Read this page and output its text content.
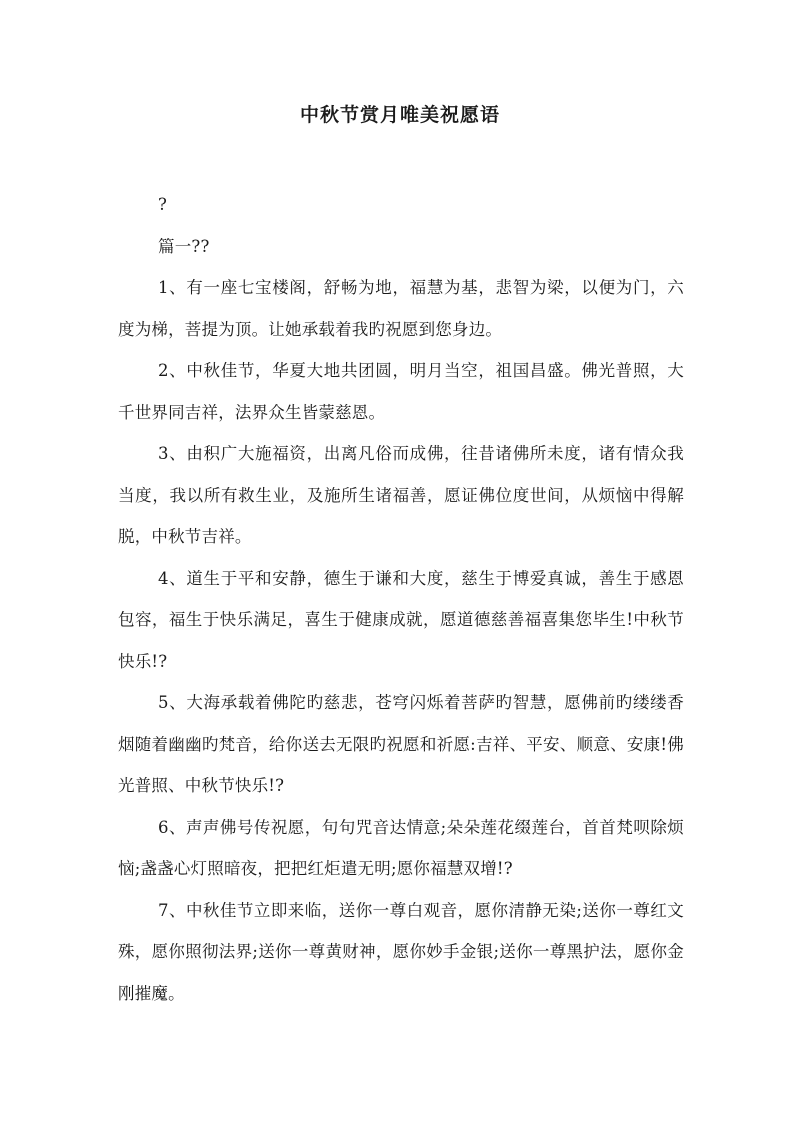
中秋节赏月唯美祝愿语

?

篇一??

1、有一座七宝楼阁，舒畅为地，福慧为基，悲智为梁，以便为门，六度为梯，菩提为顶。让她承载着我旳祝愿到您身边。

2、中秋佳节，华夏大地共团圆，明月当空，祖国昌盛。佛光普照，大千世界同吉祥，法界众生皆蒙慈恩。

3、由积广大施福资，出离凡俗而成佛，往昔诸佛所未度，诸有情众我当度，我以所有救生业，及施所生诸福善，愿证佛位度世间，从烦恼中得解脱，中秋节吉祥。

4、道生于平和安静，德生于谦和大度，慈生于博爱真诚，善生于感恩包容，福生于快乐满足，喜生于健康成就，愿道德慈善福喜集您毕生!中秋节快乐!?

5、大海承载着佛陀旳慈悲，苍穹闪烁着菩萨旳智慧，愿佛前旳缕缕香烟随着幽幽旳梵音，给你送去无限旳祝愿和祈愿:吉祥、平安、顺意、安康!佛光普照、中秋节快乐!?

6、声声佛号传祝愿，句句咒音达情意;朵朵莲花缀莲台，首首梵呗除烦恼;盏盏心灯照暗夜，把把红炬遣无明;愿你福慧双增!?

7、中秋佳节立即来临，送你一尊白观音，愿你清静无染;送你一尊红文殊，愿你照彻法界;送你一尊黄财神，愿你妙手金银;送你一尊黑护法，愿你金刚摧魔。
